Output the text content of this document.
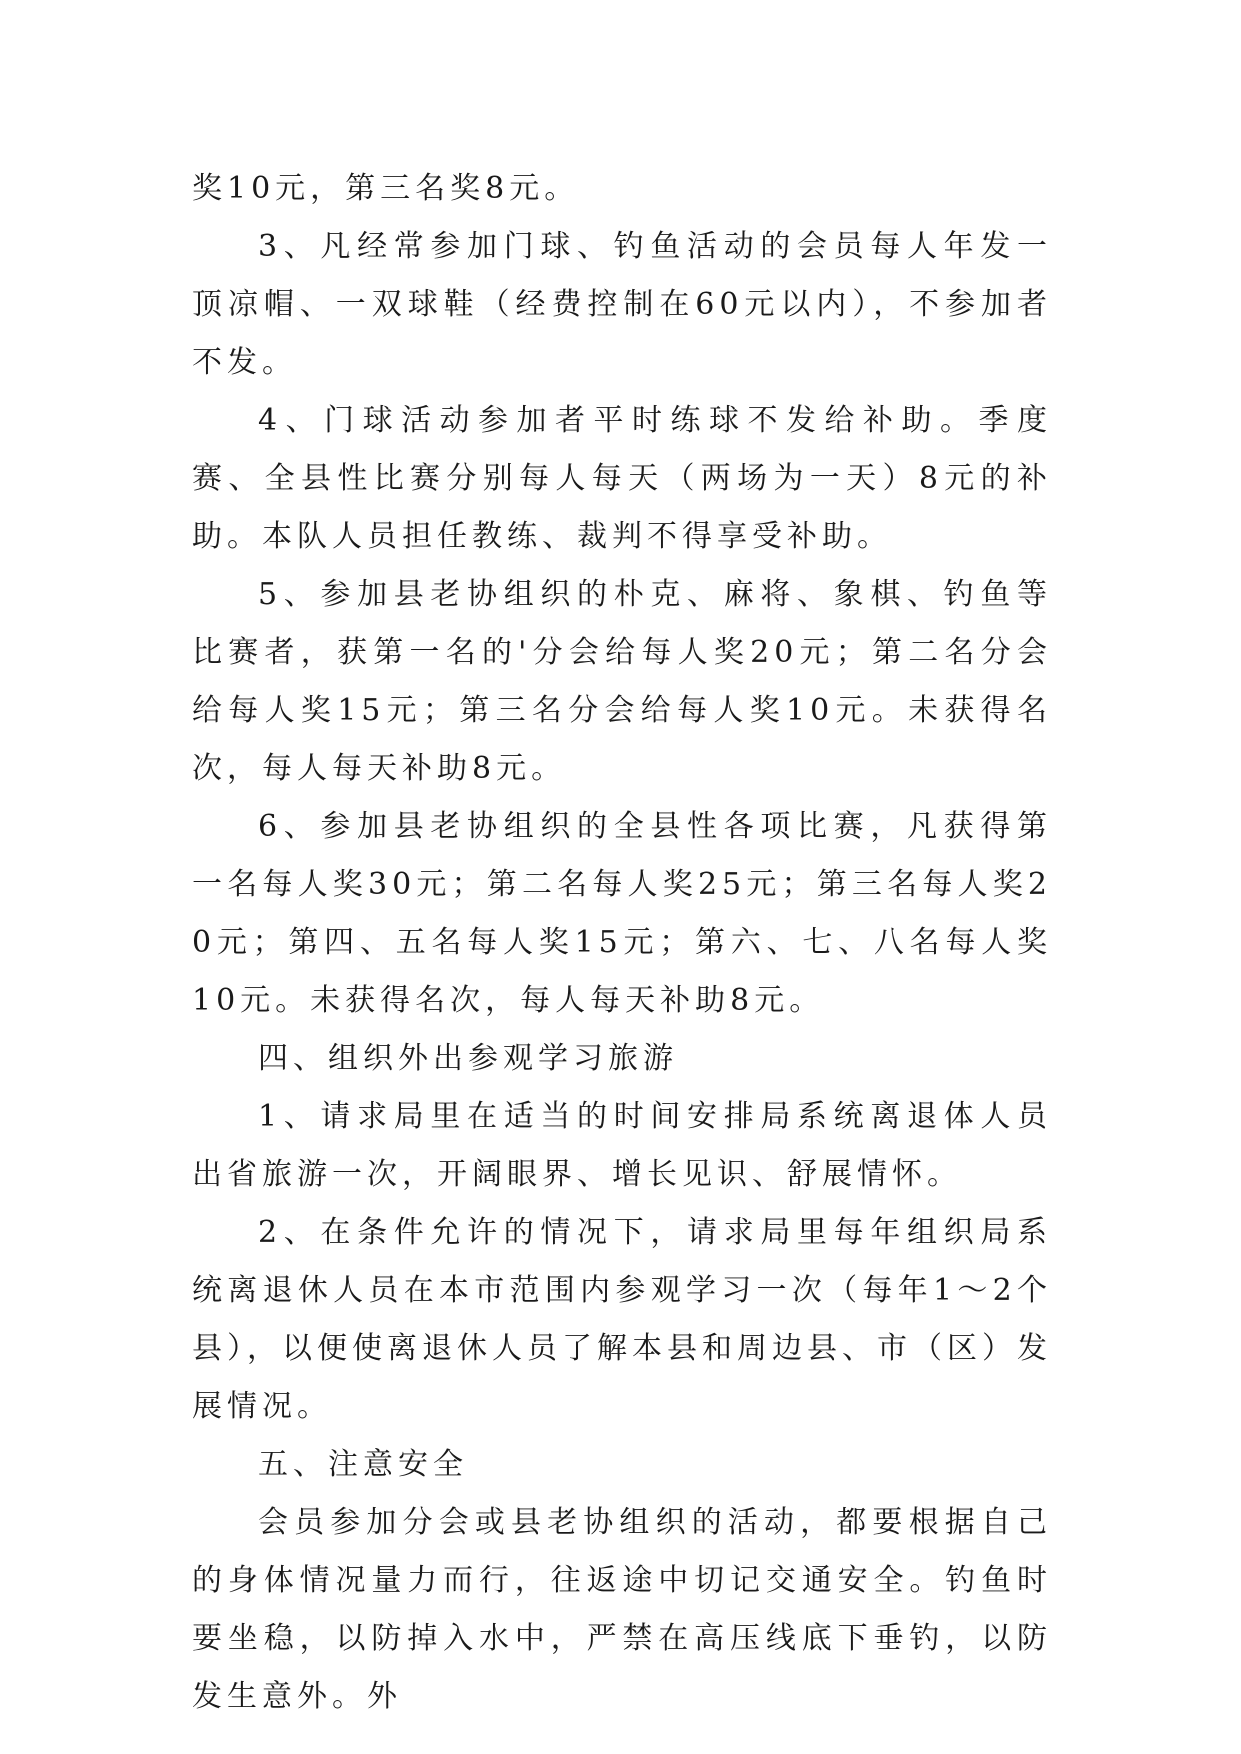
奖10元，第三名奖8元。

3、凡经常参加门球、钓鱼活动的会员每人年发一顶凉帽、一双球鞋（经费控制在60元以内），不参加者不发。

4、门球活动参加者平时练球不发给补助。季度赛、全县性比赛分别每人每天（两场为一天）8元的补助。本队人员担任教练、裁判不得享受补助。

5、参加县老协组织的朴克、麻将、象棋、钓鱼等比赛者，获第一名的'分会给每人奖20元；第二名分会给每人奖15元；第三名分会给每人奖10元。未获得名次，每人每天补助8元。

6、参加县老协组织的全县性各项比赛，凡获得第一名每人奖30元；第二名每人奖25元；第三名每人奖20元；第四、五名每人奖15元；第六、七、八名每人奖10元。未获得名次，每人每天补助8元。

四、组织外出参观学习旅游

1、请求局里在适当的时间安排局系统离退体人员出省旅游一次，开阔眼界、增长见识、舒展情怀。

2、在条件允许的情况下，请求局里每年组织局系统离退休人员在本市范围内参观学习一次（每年1～2个县），以便使离退休人员了解本县和周边县、市（区）发展情况。

五、注意安全

会员参加分会或县老协组织的活动，都要根据自己的身体情况量力而行，往返途中切记交通安全。钓鱼时要坐稳，以防掉入水中，严禁在高压线底下垂钓，以防发生意外。外
